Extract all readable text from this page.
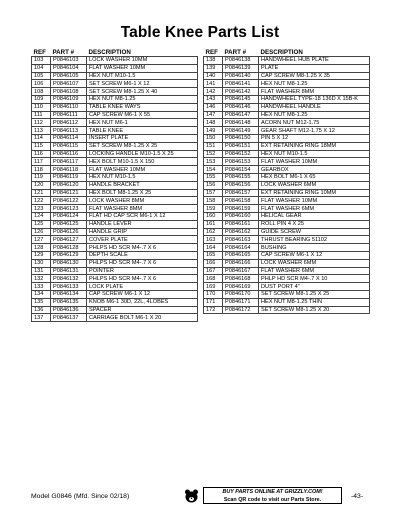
Table Knee Parts List
REF	PART #	DESCRIPTION
103	P0846103	LOCK WASHER 10MM
104	P0846104	FLAT WASHER 10MM
105	P0846105	HEX NUT M10-1.5
106	P0846107	SET SCREW M6-1 X 12
108	P0846108	SET SCREW M8-1.25 X 40
109	P0846109	HEX NUT M8-1.25
110	P0846110	TABLE KNEE WAYS
111	P0846111	CAP SCREW M6-1 X 55
112	P0846112	HEX NUT M6-1
113	P0846113	TABLE KNEE
114	P0846114	INSERT PLATE
115	P0846115	SET SCREW M8-1.25 X 25
116	P0846116	LOCKING HANDLE M10-1.5 X 25
117	P0846117	HEX BOLT M10-1.5 X 150
118	P0846118	FLAT WASHER 10MM
119	P0846119	HEX NUT M10-1.5
120	P0846120	HANDLE BRACKET
121	P0846121	HEX BOLT M8-1.25 X 25
122	P0846122	LOCK WASHER 8MM
123	P0846123	FLAT WASHER 8MM
124	P0846124	FLAT HD CAP SCR M6-1 X 12
125	P0846125	HANDLE LEVER
126	P0846126	HANDLE GRIP
127	P0846127	COVER PLATE
128	P0846128	PHLPS HD SCR M4-.7 X 6
129	P0846129	DEPTH SCALE
130	P0846130	PHLPS HD SCR M4-.7 X 6
131	P0846131	POINTER
132	P0846132	PHLPS HD SCR M4-.7 X 6
133	P0846133	LOCK PLATE
134	P0846134	CAP SCREW M6-1 X 12
135	P0846135	KNOB M6-1 30D, 22L, 4LOBES
136	P0846136	SPACER
137	P0846137	CARRIAGE BOLT M6-1 X 20
REF	PART #	DESCRIPTION
138	P0846138	HANDWHEEL HUB PLATE
139	P0846139	PLATE
140	P0846140	CAP SCREW M8-1.25 X 35
141	P0846141	HEX NUT M8-1.25
142	P0846142	FLAT WASHER 8MM
143	P0846145	HANDWHEEL TYPE-18 136D X 15B-K
146	P0846146	HANDWHEEL HANDLE
147	P0846147	HEX NUT M8-1.25
148	P0846148	ACORN NUT M12-1.75
149	P0846149	GEAR SHAFT M12-1.75 X 12
150	P0846150	PIN 5 X 12
151	P0846151	EXT RETAINING RING 18MM
152	P0846152	HEX NUT M10-1.5
153	P0846153	FLAT WASHER 10MM
154	P0846154	GEARBOX
155	P0846155	HEX BOLT M6-1 X 65
156	P0846156	LOCK WASHER 6MM
157	P0846157	EXT RETAINING RING 10MM
158	P0846158	FLAT WASHER 10MM
159	P0846159	FLAT WASHER 6MM
160	P0846160	HELICAL GEAR
161	P0846161	ROLL PIN 4 X 25
162	P0846162	GUIDE SCREW
163	P0846163	THRUST BEARING 51102
164	P0846164	BUSHING
165	P0846165	CAP SCREW M6-1 X 12
166	P0846166	LOCK WASHER 6MM
167	P0846167	FLAT WASHER 6MM
168	P0846168	PHLP HD SCR M4-.7 X 10
169	P0846169	DUST PORT 4"
170	P0846170	SET SCREW M8-1.25 X 25
171	P0846171	HEX NUT M8-1.25 THIN
172	P0846172	SET SCREW M8-1.25 X 20
Model G0846 (Mfd. Since 02/18)
BUY PARTS ONLINE AT GRIZZLY.COM!
Scan QR code to visit our Parts Store.	-43-
